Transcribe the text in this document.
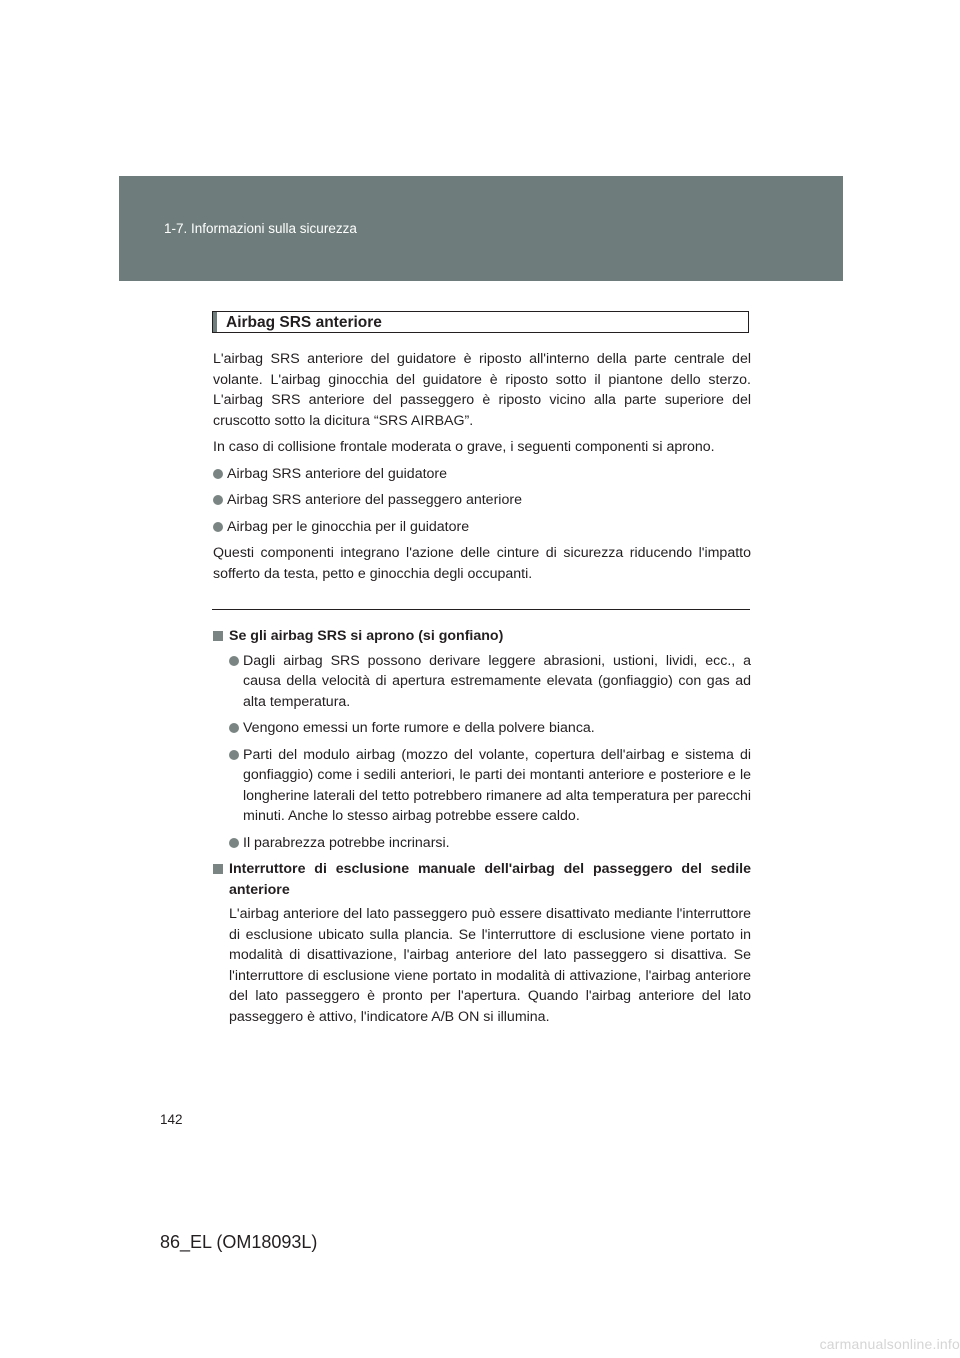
1-7. Informazioni sulla sicurezza
Airbag SRS anteriore

L'airbag SRS anteriore del guidatore è riposto all'interno della parte centrale del volante. L'airbag ginocchia del guidatore è riposto sotto il piantone dello sterzo. L'airbag SRS anteriore del passeggero è riposto vicino alla parte superiore del cruscotto sotto la dicitura “SRS AIRBAG”.

In caso di collisione frontale moderata o grave, i seguenti componenti si aprono.

Airbag SRS anteriore del guidatore
Airbag SRS anteriore del passeggero anteriore
Airbag per le ginocchia per il guidatore

Questi componenti integrano l'azione delle cinture di sicurezza riducendo l'impatto sofferto da testa, petto e ginocchia degli occupanti.

Se gli airbag SRS si aprono (si gonfiano)
Dagli airbag SRS possono derivare leggere abrasioni, ustioni, lividi, ecc., a causa della velocità di apertura estremamente elevata (gonfiaggio) con gas ad alta temperatura.
Vengono emessi un forte rumore e della polvere bianca.
Parti del modulo airbag (mozzo del volante, copertura dell'airbag e sistema di gonfiaggio) come i sedili anteriori, le parti dei montanti anteriore e posteriore e le longherine laterali del tetto potrebbero rimanere ad alta temperatura per parecchi minuti. Anche lo stesso airbag potrebbe essere caldo.
Il parabrezza potrebbe incrinarsi.
Interruttore di esclusione manuale dell'airbag del passeggero del sedile anteriore

L'airbag anteriore del lato passeggero può essere disattivato mediante l'interruttore di esclusione ubicato sulla plancia. Se l'interruttore di esclusione viene portato in modalità di disattivazione, l'airbag anteriore del lato passeggero si disattiva. Se l'interruttore di esclusione viene portato in modalità di attivazione, l'airbag anteriore del lato passeggero è pronto per l'apertura. Quando l'airbag anteriore del lato passeggero è attivo, l'indicatore A/B ON si illumina.

142
86_EL (OM18093L)
carmanualsonline.info
